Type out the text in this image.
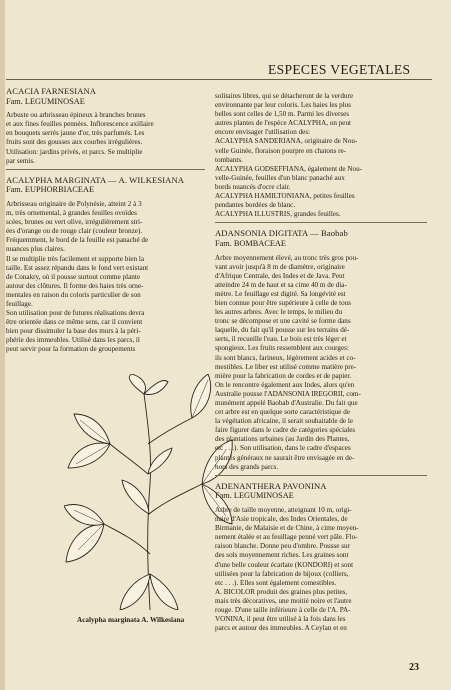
ESPECES VEGETALES
ACACIA FARNESIANA
Fam. LEGUMINOSAE

Arbuste ou arbrisseau épineux à branches brunes

et aux fines feuilles pennées. Inflorescence axillaire

en bouquets serrés jaune d'or, très parfumés. Les

fruits sont des gousses aux courbes irrégulières.

Utilisation: jardins privés, et parcs. Se multiplie

par semis.

ACALYPHA MARGINATA — A. WILKESIANA
Fam. EUPHORBIACEAE

Arbrisseau originaire de Polynésie, atteint 2 à 3

m, très ornemental, à grandes feuilles ovoïdes

scées, brunes ou vert olive, irrégulièrement stri-

ées d'orange ou de rouge clair (couleur bronze).

Fréquemment, le bord de la feuille est panaché de

nuances plus claires.

Il se multiplie très facilement et supporte bien la

taille. Est assez répandu dans le fond vert existant

de Conakry, où il pousse surtout comme plante

autour des clôtures. Il forme des haies très orne-

mentales en raison du coloris particulier de son

feuillage.

Son utilisation pour de futures réalisations devra

être orientée dans ce même sens, car il convient

bien pour dissimuler la base des murs à la péri-

phérie des immeubles. Utilisé dans les parcs, il

peut servir pour la formation de groupements

Acalypha marginata A. Wilkesiana

solitaires libres, qui se détacheront de la verdure

environnante par leur coloris. Les haies les plus

belles sont celles de 1,50 m. Parmi les diverses

autres plantes de l'espèce ACALYPHA, on peut

encore envisager l'utilisation des:

ACALYPHA SANDERIANA, originaire de Nou-

velle Guinée, floraison pourpre en chatons re-

tombants.

ACALYPHA GODSEFFIANA, également de Nou-

velle-Guinée, feuilles d'un blanc panaché aux

bords nuancés d'ocre clair.

ACALYPHA HAMILTONIANA, petites feuilles

pendantes bordées de blanc.

ACALYPHA ILLUSTRIS, grandes feuilles.

ADANSONIA DIGITATA — Baobab
Fam. BOMBACEAE

Arbre moyennement élevé, au tronc très gros pou-

vant avoir jusqu'à 8 m de diamètre, originaire

d'Afrique Centrale, des Indes et de Java. Peut

atteindre 24 m de haut et sa cime 40 m de dia-

mètre. Le feuillage est digité. Sa longévité est

bien connue pour être supérieure à celle de tous

les autres arbres. Avec le temps, le milieu du

tronc se décompose et une cavité se forme dans

laquelle, du fait qu'il pousse sur les terrains dé-

serts, il recueille l'eau. Le bois est très léger et

spongieux. Les fruits ressemblent aux courges:

ils sont blancs, farineux, légèrement acides et co-

mestibles. Le liber est utilisé comme matière pre-

mière pour la fabrication de cordes et de papier.

On le rencontre également aux Indes, alors qu'en

Australie pousse l'ADANSONIA IREGORII, com-

munément appelé Baobab d'Australie. Du fait que

cet arbre est en quelque sorte caractéristique de

la végétation africaine, il serait souhaitable de le

faire figurer dans le cadre de catégories spéciales

des plantations urbaines (au Jardin des Plantes,

etc . . .). Son utilisation, dans le cadre d'espaces

plantés généraux ne saurait être envisagée en de-

hors des grands parcs.

ADENANTHERA PAVONINA
Fam. LEGUMINOSAE

Arbre de taille moyenne, atteignant 10 m, origi-

naire d'Asie tropicale, des Indes Orientales, de

Birmanie, de Malaisie et de Chine, à cime moyen-

nement étalée et au feuillage penné vert pâle. Flo-

raison blanche. Donne peu d'ombre. Pousse sur

des sols moyennement riches. Les graines sont

d'une belle couleur écarlate (KONDORI) et sont

utilisées pour la fabrication de bijoux (colliers,

etc . . .). Elles sont également comestibles.

A. BICOLOR produit des graines plus petites,

mais très décoratives, une moitié noire et l'autre

rouge. D'une taille inférieure à celle de l'A. PA-

VONINA, il peut être utilisé à la fois dans les

parcs et autour des immeubles. A Ceylan et en

23
